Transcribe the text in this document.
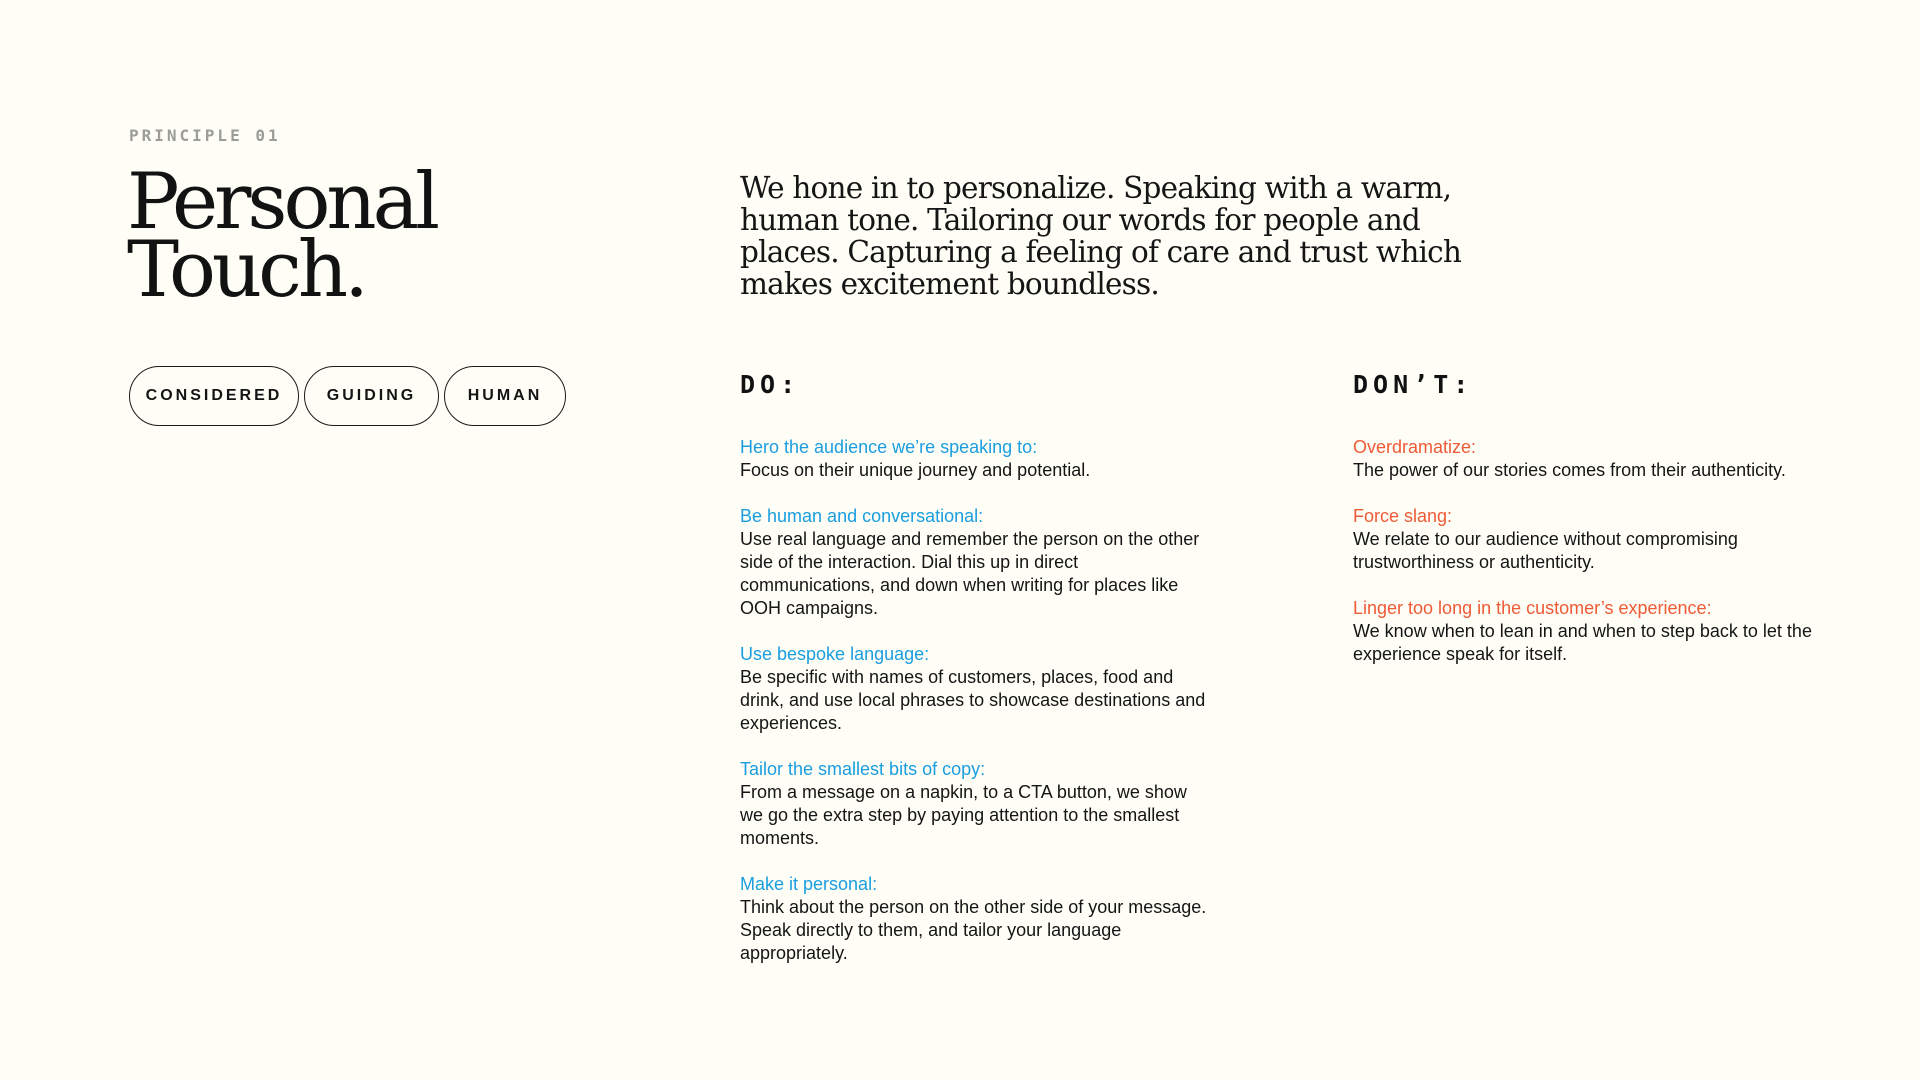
PRINCIPLE 01

Personal
Touch.
CONSIDERED	GUIDING	HUMAN

We hone in to personalize. Speaking with a warm, human tone. Tailoring our words for people and places. Capturing a feeling of care and trust which makes excitement boundless.

DO:
Hero the audience we’re speaking to:
Focus on their unique journey and potential.
Be human and conversational:
Use real language and remember the person on the other side of the interaction. Dial this up in direct communications, and down when writing for places like OOH campaigns.
Use bespoke language:
Be specific with names of customers, places, food and drink, and use local phrases to showcase destinations and experiences.
Tailor the smallest bits of copy:
From a message on a napkin, to a CTA button, we show we go the extra step by paying attention to the smallest moments.
Make it personal:
Think about the person on the other side of your message. Speak directly to them, and tailor your language appropriately.
DON’T:
Overdramatize:
The power of our stories comes from their authenticity.
Force slang:
We relate to our audience without compromising trustworthiness or authenticity.
Linger too long in the customer’s experience:
We know when to lean in and when to step back to let the experience speak for itself.
